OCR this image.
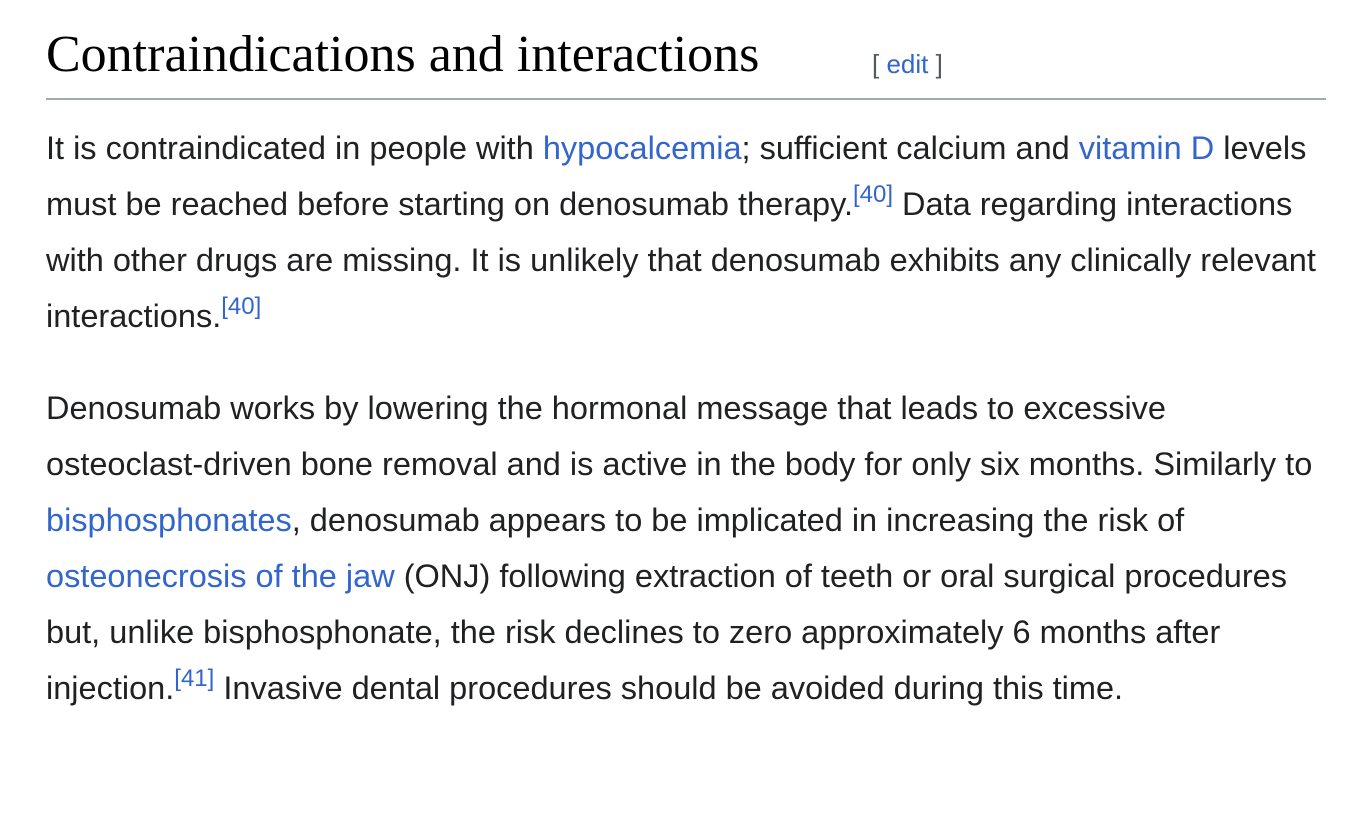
Contraindications and interactions	[ edit ]

It is contraindicated in people with hypocalcemia; sufficient calcium and vitamin D levels must be reached before starting on denosumab therapy.[40] Data regarding interactions with other drugs are missing. It is unlikely that denosumab exhibits any clinically relevant interactions.[40]

Denosumab works by lowering the hormonal message that leads to excessive osteoclast-driven bone removal and is active in the body for only six months. Similarly to bisphosphonates, denosumab appears to be implicated in increasing the risk of osteonecrosis of the jaw (ONJ) following extraction of teeth or oral surgical procedures but, unlike bisphosphonate, the risk declines to zero approximately 6 months after injection.[41] Invasive dental procedures should be avoided during this time.
